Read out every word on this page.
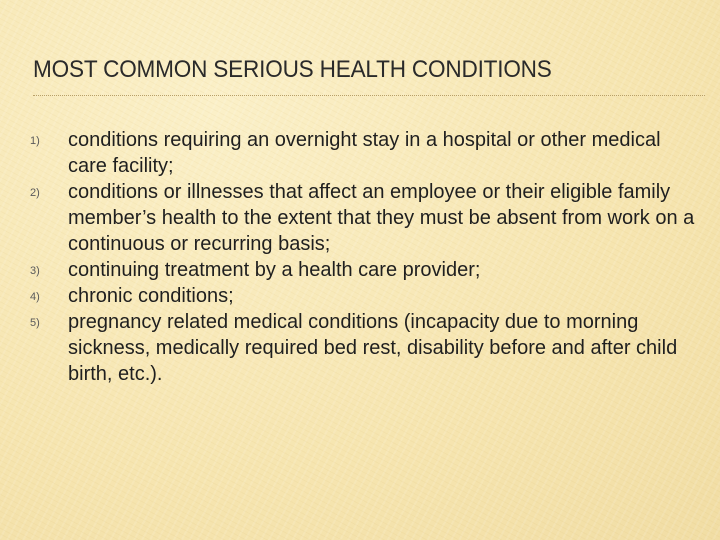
MOST COMMON SERIOUS HEALTH CONDITIONS
1)	conditions requiring an overnight stay in a hospital or other medical care facility;
2)	conditions or illnesses that affect an employee or their eligible family member’s health to the extent that they must be absent from work on a continuous or recurring basis;
3)	continuing treatment by a health care provider;
4)	chronic conditions;
5)	pregnancy related medical conditions (incapacity due to morning sickness, medically required bed rest, disability before and after child birth, etc.).
